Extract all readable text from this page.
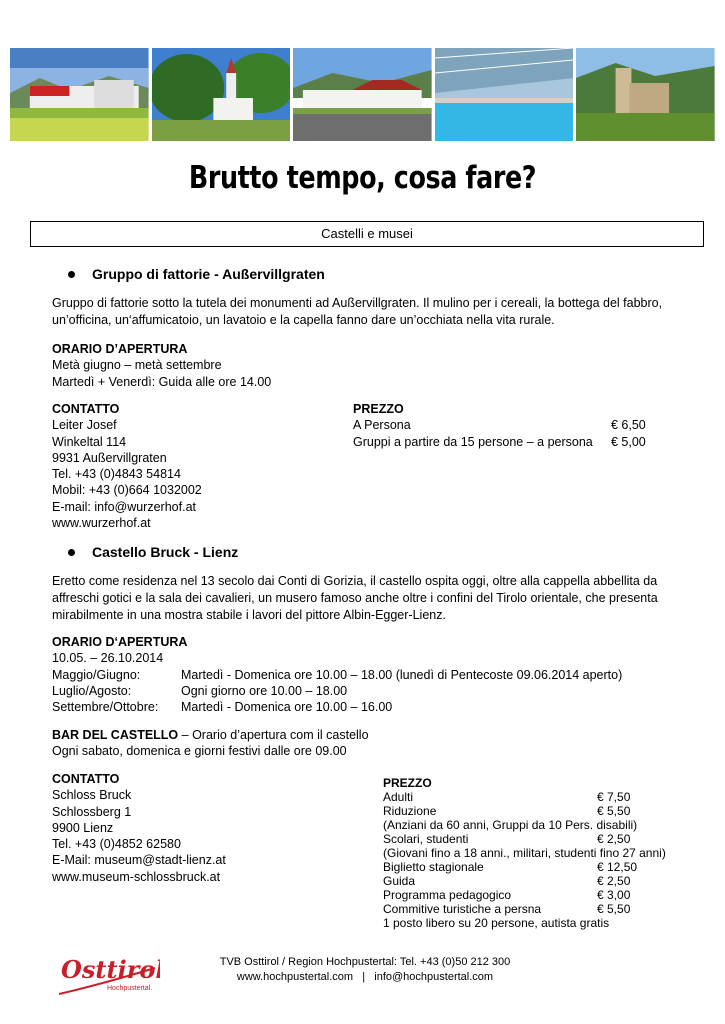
Brutto tempo, cosa fare?
Castelli e musei
Gruppo di fattorie - Außervillgraten
Gruppo di fattorie sotto la tutela dei monumenti ad Außervillgraten. Il mulino per i cereali, la bottega del fabbro, un’officina, un‘affumicatoio, un lavatoio e la capella fanno dare un’occhiata nella vita rurale.
ORARIO D’APERTURA
Metà giugno – metà settembre
Martedì + Venerdì: Guida alle ore 14.00
CONTATTO
Leiter Josef
Winkeltal 114
9931 Außervillgraten
Tel. +43 (0)4843 54814
Mobil: +43 (0)664 1032002
E-mail: info@wurzerhof.at
www.wurzerhof.at
PREZZO
A Persona	€ 6,50
Gruppi a partire da 15 persone – a persona	€ 5,00
Castello Bruck - Lienz
Eretto come residenza nel 13 secolo dai Conti di Gorizia, il castello ospita oggi, oltre alla cappella abbellita da affreschi gotici e la sala dei cavalieri, un musero famoso anche oltre i confini del Tirolo orientale, che presenta mirabilmente in una mostra stabile i lavori del pittore Albin-Egger-Lienz.
ORARIO D‘APERTURA
10.05. – 26.10.2014
Maggio/Giugno:	Martedì - Domenica ore 10.00 – 18.00 (lunedì di Pentecoste 09.06.2014 aperto)
Luglio/Agosto:	Ogni giorno ore 10.00 – 18.00
Settembre/Ottobre:	Martedì - Domenica ore 10.00 – 16.00
BAR DEL CASTELLO – Orario d’apertura com il castello
Ogni sabato, domenica e giorni festivi dalle ore 09.00
CONTATTO
Schloss Bruck
Schlossberg 1
9900 Lienz
Tel. +43 (0)4852 62580
E-Mail: museum@stadt-lienz.at
www.museum-schlossbruck.at
PREZZO
Adulti	€ 7,50
Riduzione	€ 5,50
(Anziani da 60 anni, Gruppi da 10 Pers. disabili)
Scolari, studenti	€ 2,50
(Giovani fino a 18 anni., militari, studenti fino 27 anni)
Biglietto stagionale	€ 12,50
Guida	€ 2,50
Programma pedagogico	€ 3,00
Commitive turistiche a persna	€ 5,50
1 posto libero su 20 persone, autista gratis
Osttirol
Hochpustertal.
TVB Osttirol / Region Hochpustertal: Tel. +43 (0)50 212 300
www.hochpustertal.com | info@hochpustertal.com
